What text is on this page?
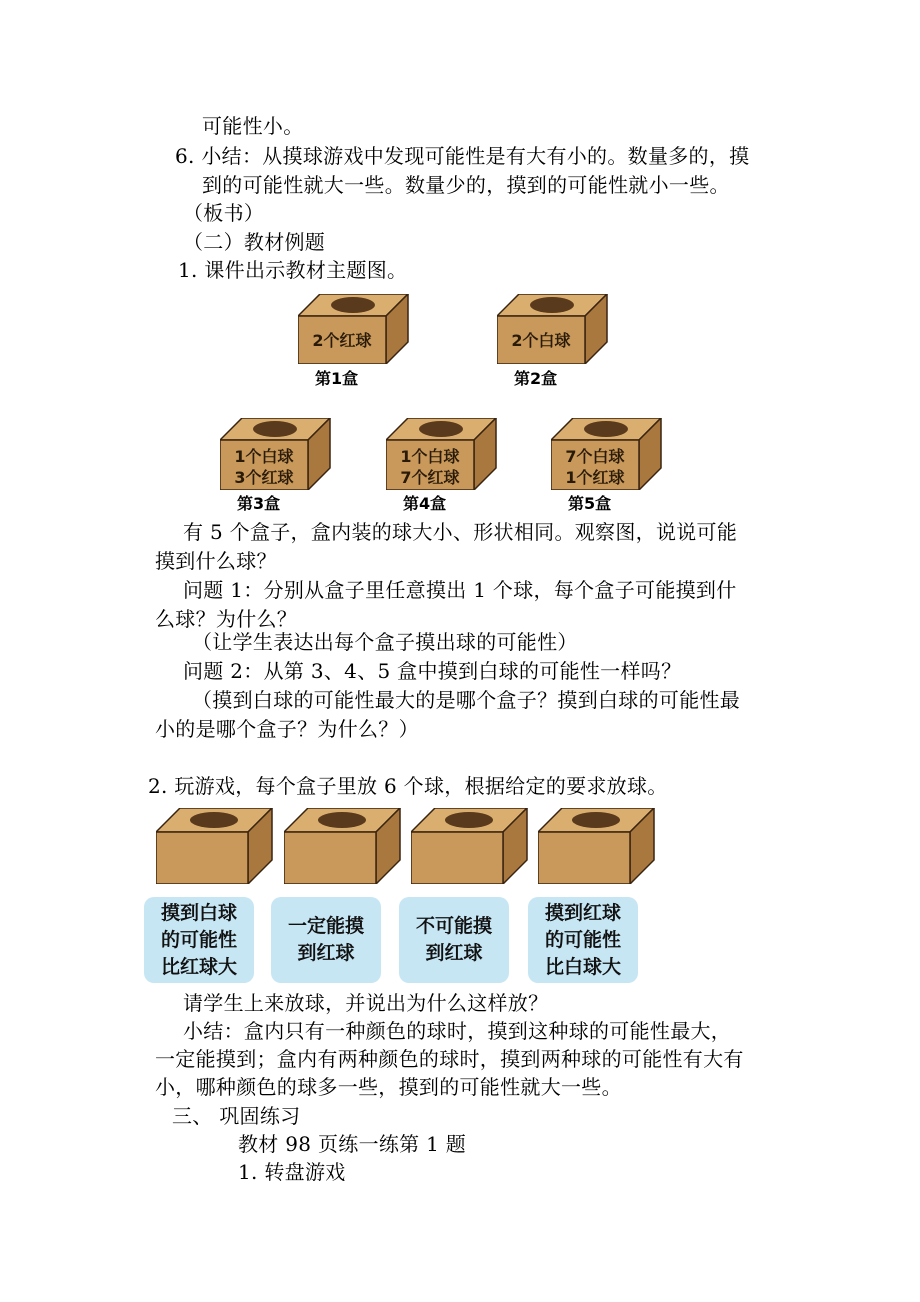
可能性小。
6. 小结：从摸球游戏中发现可能性是有大有小的。数量多的，摸
到的可能性就大一些。数量少的，摸到的可能性就小一些。
（板书）
（二）教材例题
1. 课件出示教材主题图。
2个红球
第1盒
2个白球
第2盒
1个白球
3个红球
第3盒
1个白球
7个红球
第4盒
7个白球
1个红球
第5盒
有 5 个盒子，盒内装的球大小、形状相同。观察图，说说可能
摸到什么球？
问题 1：分别从盒子里任意摸出 1 个球，每个盒子可能摸到什
么球？为什么？
（让学生表达出每个盒子摸出球的可能性）
问题 2：从第 3、4、5 盒中摸到白球的可能性一样吗？
（摸到白球的可能性最大的是哪个盒子？摸到白球的可能性最
小的是哪个盒子？为什么？）
2. 玩游戏，每个盒子里放 6 个球，根据给定的要求放球。
摸到白球
的可能性
比红球大
一定能摸
到红球
不可能摸
到红球
摸到红球
的可能性
比白球大
请学生上来放球，并说出为什么这样放？
小结：盒内只有一种颜色的球时，摸到这种球的可能性最大，
一定能摸到；盒内有两种颜色的球时，摸到两种球的可能性有大有
小，哪种颜色的球多一些，摸到的可能性就大一些。
三、 巩固练习
教材 98 页练一练第 1 题
1. 转盘游戏
